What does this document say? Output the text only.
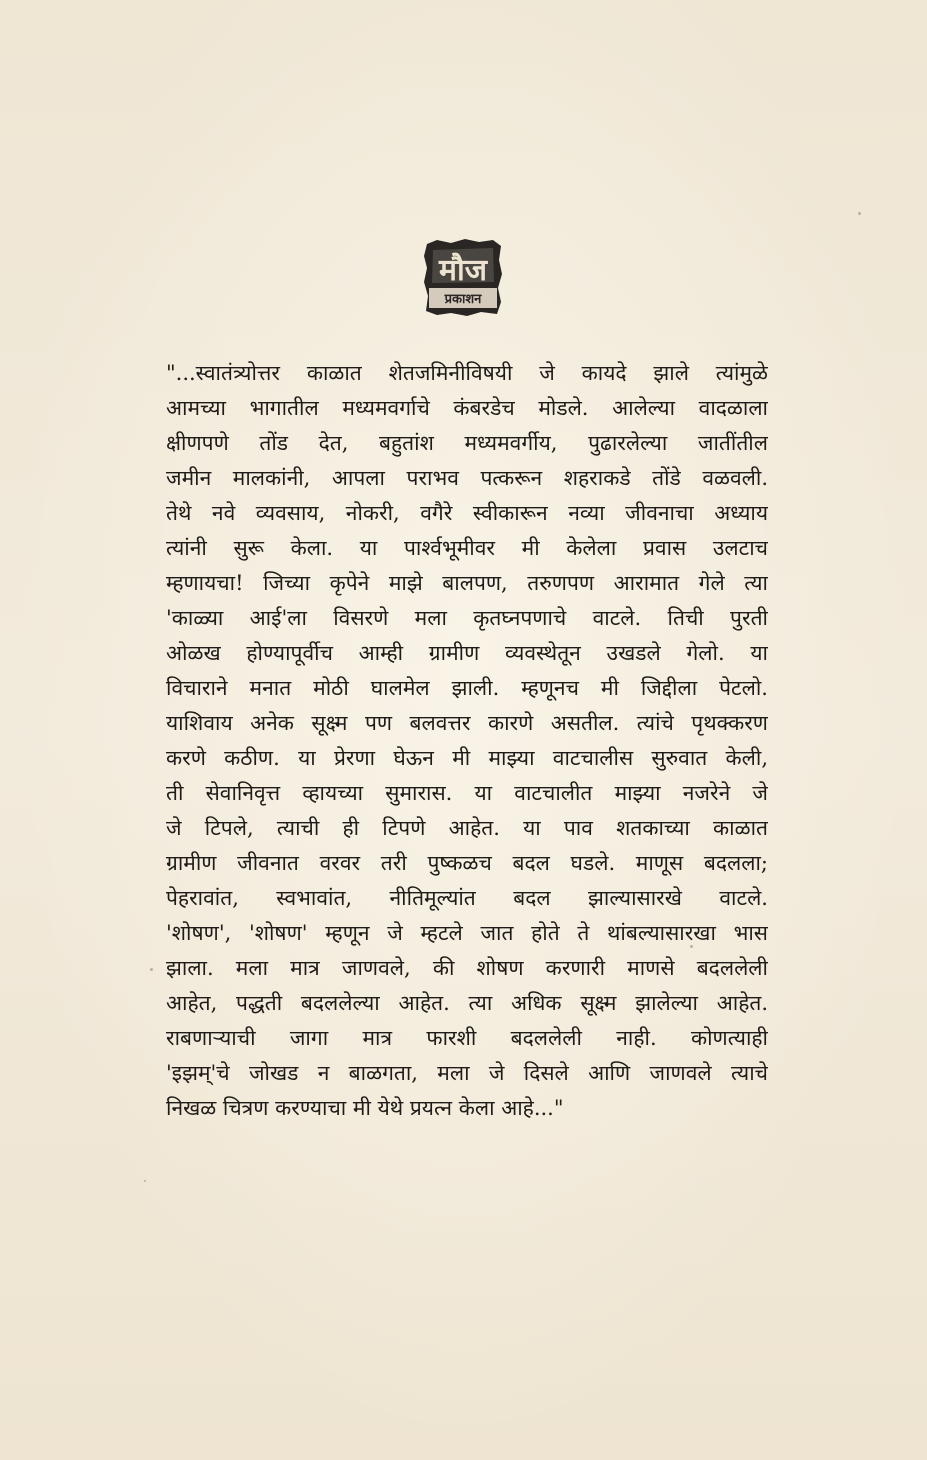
मौज
प्रकाशन

"...स्वातंत्र्योत्तर काळात शेतजमिनीविषयी जे कायदे झाले त्यांमुळे
आमच्या भागातील मध्यमवर्गाचे कंबरडेच मोडले. आलेल्या वादळाला
क्षीणपणे तोंड देत, बहुतांश मध्यमवर्गीय, पुढारलेल्या जातींतील
जमीन मालकांनी, आपला पराभव पत्करून शहराकडे तोंडे वळवली.
तेथे नवे व्यवसाय, नोकरी, वगैरे स्वीकारून नव्या जीवनाचा अध्याय
त्यांनी सुरू केला. या पार्श्वभूमीवर मी केलेला प्रवास उलटाच
म्हणायचा! जिच्या कृपेने माझे बालपण, तरुणपण आरामात गेले त्या
'काळ्या आई'ला विसरणे मला कृतघ्नपणाचे वाटले. तिची पुरती
ओळख होण्यापूर्वीच आम्ही ग्रामीण व्यवस्थेतून उखडले गेलो. या
विचाराने मनात मोठी घालमेल झाली. म्हणूनच मी जिद्दीला पेटलो.
याशिवाय अनेक सूक्ष्म पण बलवत्तर कारणे असतील. त्यांचे पृथक्करण
करणे कठीण. या प्रेरणा घेऊन मी माझ्या वाटचालीस सुरुवात केली,
ती सेवानिवृत्त व्हायच्या सुमारास. या वाटचालीत माझ्या नजरेने जे
जे टिपले, त्याची ही टिपणे आहेत. या पाव शतकाच्या काळात
ग्रामीण जीवनात वरवर तरी पुष्कळच बदल घडले. माणूस बदलला;
पेहरावांत, स्वभावांत, नीतिमूल्यांत बदल झाल्यासारखे वाटले.
'शोषण', 'शोषण' म्हणून जे म्हटले जात होते ते थांबल्यासारखा भास
झाला. मला मात्र जाणवले, की शोषण करणारी माणसे बदललेली
आहेत, पद्धती बदललेल्या आहेत. त्या अधिक सूक्ष्म झालेल्या आहेत.
राबणाऱ्याची जागा मात्र फारशी बदललेली नाही. कोणत्याही
'इझम्'चे जोखड न बाळगता, मला जे दिसले आणि जाणवले त्याचे
निखळ चित्रण करण्याचा मी येथे प्रयत्न केला आहे..."
